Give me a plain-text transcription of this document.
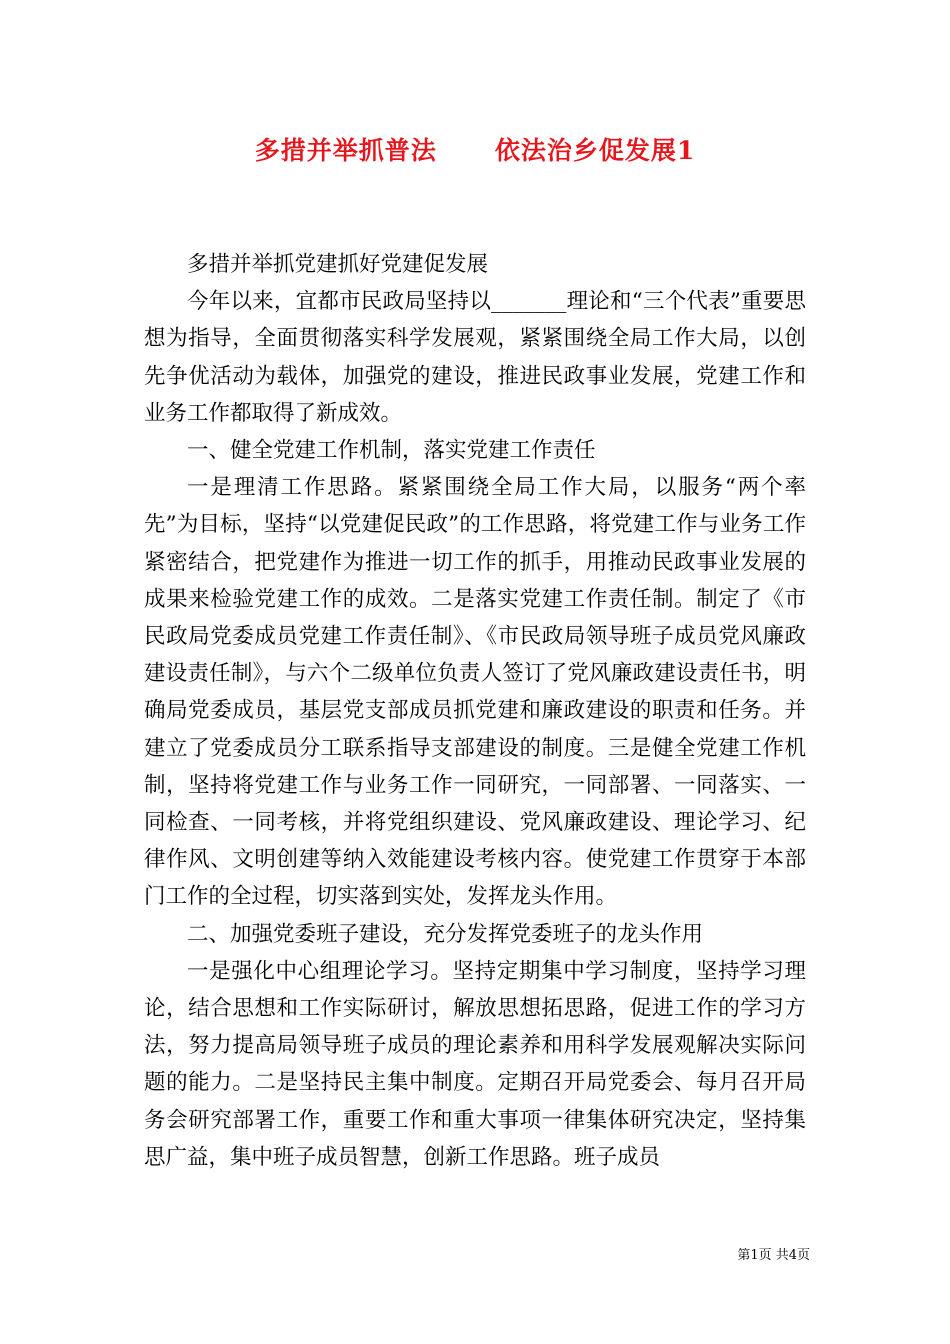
多措并举抓普法      依法治乡促发展1

多措并举抓党建抓好党建促发展

今年以来，宜都市民政局坚持以_______理论和“三个代表”重要思想为指导，全面贯彻落实科学发展观，紧紧围绕全局工作大局，以创先争优活动为载体，加强党的建设，推进民政事业发展，党建工作和业务工作都取得了新成效。

一、健全党建工作机制，落实党建工作责任

一是理清工作思路。紧紧围绕全局工作大局，以服务“两个率先”为目标，坚持“以党建促民政”的工作思路，将党建工作与业务工作紧密结合，把党建作为推进一切工作的抓手，用推动民政事业发展的成果来检验党建工作的成效。二是落实党建工作责任制。制定了《市民政局党委成员党建工作责任制》、《市民政局领导班子成员党风廉政建设责任制》，与六个二级单位负责人签订了党风廉政建设责任书，明确局党委成员，基层党支部成员抓党建和廉政建设的职责和任务。并建立了党委成员分工联系指导支部建设的制度。三是健全党建工作机制，坚持将党建工作与业务工作一同研究，一同部署、一同落实、一同检查、一同考核，并将党组织建设、党风廉政建设、理论学习、纪律作风、文明创建等纳入效能建设考核内容。使党建工作贯穿于本部门工作的全过程，切实落到实处，发挥龙头作用。

二、加强党委班子建设，充分发挥党委班子的龙头作用

一是强化中心组理论学习。坚持定期集中学习制度，坚持学习理论，结合思想和工作实际研讨，解放思想拓思路，促进工作的学习方法，努力提高局领导班子成员的理论素养和用科学发展观解决实际问题的能力。二是坚持民主集中制度。定期召开局党委会、每月召开局务会研究部署工作，重要工作和重大事项一律集体研究决定，坚持集思广益，集中班子成员智慧，创新工作思路。班子成员

第1页 共4页
